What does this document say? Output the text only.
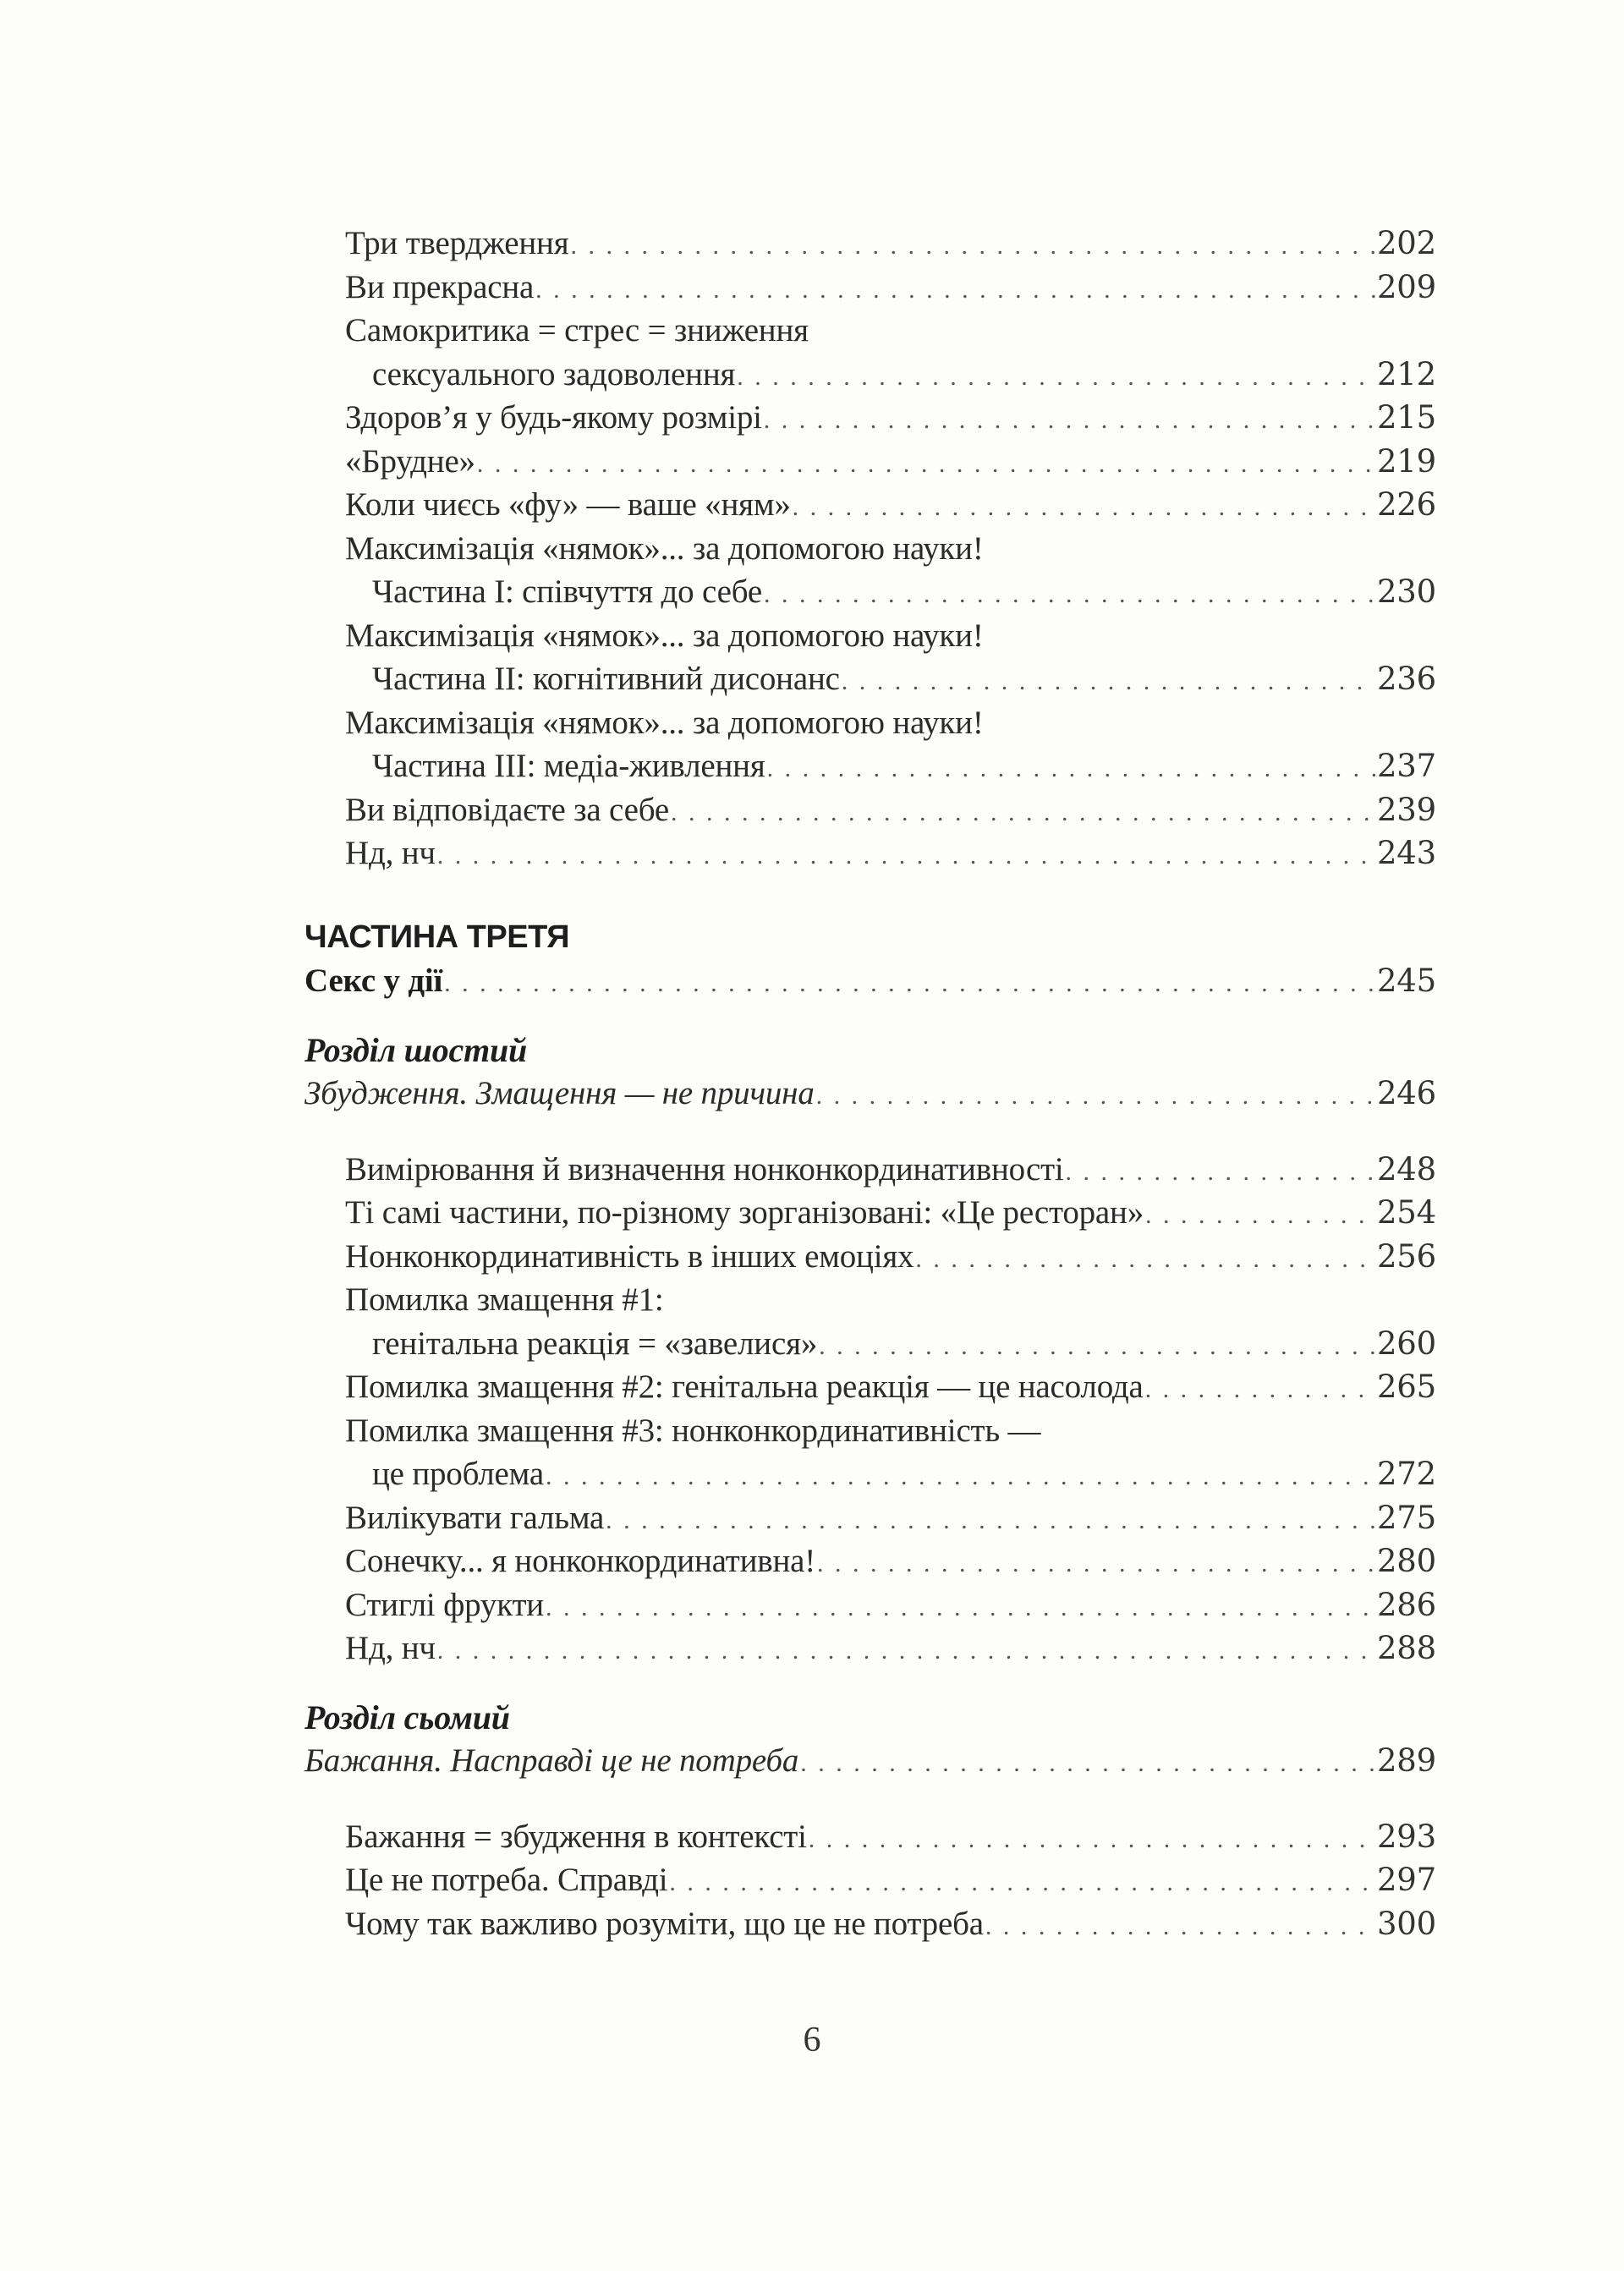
Три твердження . . .	202
Ви прекрасна . . .	209
Самокритика = стрес = зниження
сексуального задоволення . . .	212
Здоров’я у будь-якому розмірі . . .	215
«Брудне» . . .	219
Коли чиєсь «фу» — ваше «ням» . . .	226
Максимізація «нямок»... за допомогою науки!
Частина І: співчуття до себе . . .	230
Максимізація «нямок»... за допомогою науки!
Частина ІІ: когнітивний дисонанс . . .	236
Максимізація «нямок»... за допомогою науки!
Частина ІІІ: медіа-живлення . . .	237
Ви відповідаєте за себе . . .	239
Нд, нч . . .	243
ЧАСТИНА ТРЕТЯ
Секс у дії . . .	245
Розділ шостий
Збудження. Змащення — не причина . . .	246
Вимірювання й визначення нонконкординативності . . .	248
Ті самі частини, по-різному зорганізовані: «Це ресторан» . . .	254
Нонконкординативність в інших емоціях . . .	256
Помилка змащення #1:
генітальна реакція = «завелися» . . .	260
Помилка змащення #2: генітальна реакція — це насолода . . .	265
Помилка змащення #3: нонконкординативність —
це проблема . . .	272
Вилікувати гальма . . .	275
Сонечку... я нонконкординативна! . . .	280
Стиглі фрукти . . .	286
Нд, нч . . .	288
Розділ сьомий
Бажання. Насправді це не потреба . . .	289
Бажання = збудження в контексті . . .	293
Це не потреба. Справді . . .	297
Чому так важливо розуміти, що це не потреба . . .	300
6
